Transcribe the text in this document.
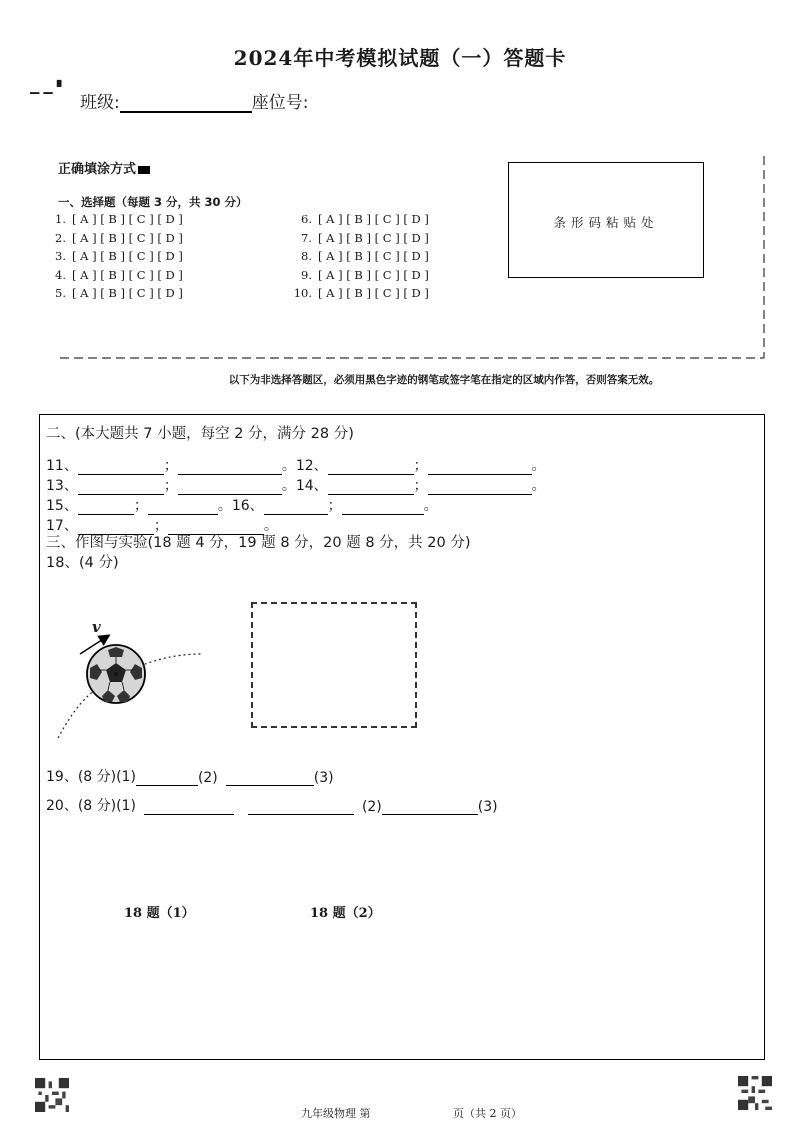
2024年中考模拟试题（一）答题卡
▁ ▁ ▘
班级:	座位号:
正确填涂方式
一、选择题（每题 3 分，共 30 分）
1. [ A ] [ B ] [ C ] [ D ]
2. [ A ] [ B ] [ C ] [ D ]
3. [ A ] [ B ] [ C ] [ D ]
4. [ A ] [ B ] [ C ] [ D ]
5. [ A ] [ B ] [ C ] [ D ]
6. [ A ] [ B ] [ C ] [ D ]
7. [ A ] [ B ] [ C ] [ D ]
8. [ A ] [ B ] [ C ] [ D ]
9. [ A ] [ B ] [ C ] [ D ]
10. [ A ] [ B ] [ C ] [ D ]
条形码粘贴处
以下为非选择答题区，必须用黑色字迹的钢笔或签字笔在指定的区域内作答，否则答案无效。
二、(本大题共 7 小题，每空 2 分，满分 28 分)
11、	；	。12、	；	。
13、	；	。14、	；	。
15、	；	。16、	；	。
17、	；	。
三、作图与实验(18 题 4 分，19 题 8 分，20 题 8 分，共 20 分)
18、(4 分)
v
19、(8 分)(1)	(2)	(3)
20、(8 分)(1)	(2)	(3)
18 题（1）	18 题（2）
九年级物理 第	页（共 2 页）
